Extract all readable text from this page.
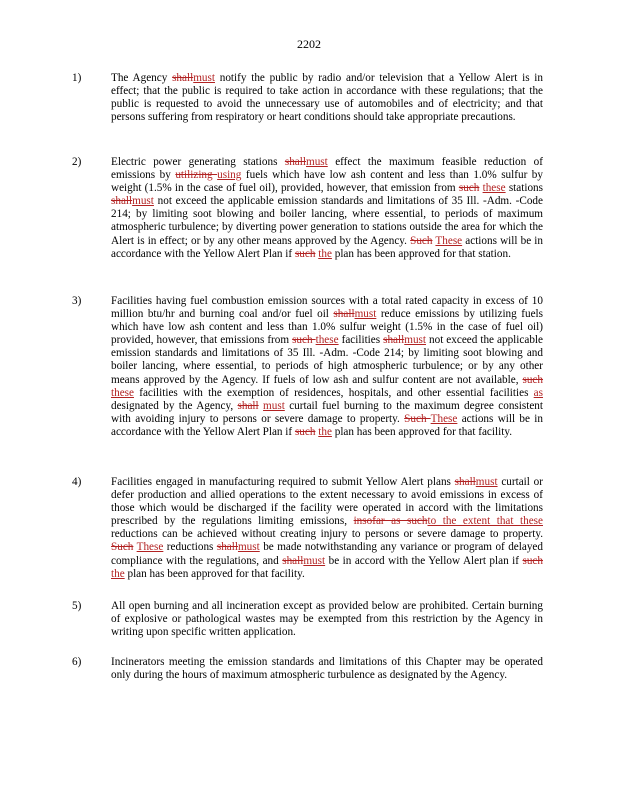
2202
1)	The Agency shallmust notify the public by radio and/or television that a Yellow Alert is in effect; that the public is required to take action in accordance with these regulations; that the public is requested to avoid the unnecessary use of automobiles and of electricity; and that persons suffering from respiratory or heart conditions should take appropriate precautions.
2)	Electric power generating stations shallmust effect the maximum feasible reduction of emissions by utilizing using fuels which have low ash content and less than 1.0% sulfur by weight (1.5% in the case of fuel oil), provided, however, that emission from such these stations shallmust not exceed the applicable emission standards and limitations of 35 Ill. -Adm. -Code 214; by limiting soot blowing and boiler lancing, where essential, to periods of maximum atmospheric turbulence; by diverting power generation to stations outside the area for which the Alert is in effect; or by any other means approved by the Agency. Such These actions will be in accordance with the Yellow Alert Plan if such the plan has been approved for that station.
3)	Facilities having fuel combustion emission sources with a total rated capacity in excess of 10 million btu/hr and burning coal and/or fuel oil shallmust reduce emissions by utilizing fuels which have low ash content and less than 1.0% sulfur weight (1.5% in the case of fuel oil) provided, however, that emissions from such these facilities shallmust not exceed the applicable emission standards and limitations of 35 Ill. -Adm. -Code 214; by limiting soot blowing and boiler lancing, where essential, to periods of high atmospheric turbulence; or by any other means approved by the Agency. If fuels of low ash and sulfur content are not available, such these facilities with the exemption of residences, hospitals, and other essential facilities as designated by the Agency, shall must curtail fuel burning to the maximum degree consistent with avoiding injury to persons or severe damage to property. Such These actions will be in accordance with the Yellow Alert Plan if such the plan has been approved for that facility.
4)	Facilities engaged in manufacturing required to submit Yellow Alert plans shallmust curtail or defer production and allied operations to the extent necessary to avoid emissions in excess of those which would be discharged if the facility were operated in accord with the limitations prescribed by the regulations limiting emissions, insofar as suchto the extent that these reductions can be achieved without creating injury to persons or severe damage to property. Such These reductions shallmust be made notwithstanding any variance or program of delayed compliance with the regulations, and shallmust be in accord with the Yellow Alert plan if such the plan has been approved for that facility.
5)	All open burning and all incineration except as provided below are prohibited. Certain burning of explosive or pathological wastes may be exempted from this restriction by the Agency in writing upon specific written application.
6)	Incinerators meeting the emission standards and limitations of this Chapter may be operated only during the hours of maximum atmospheric turbulence as designated by the Agency.
